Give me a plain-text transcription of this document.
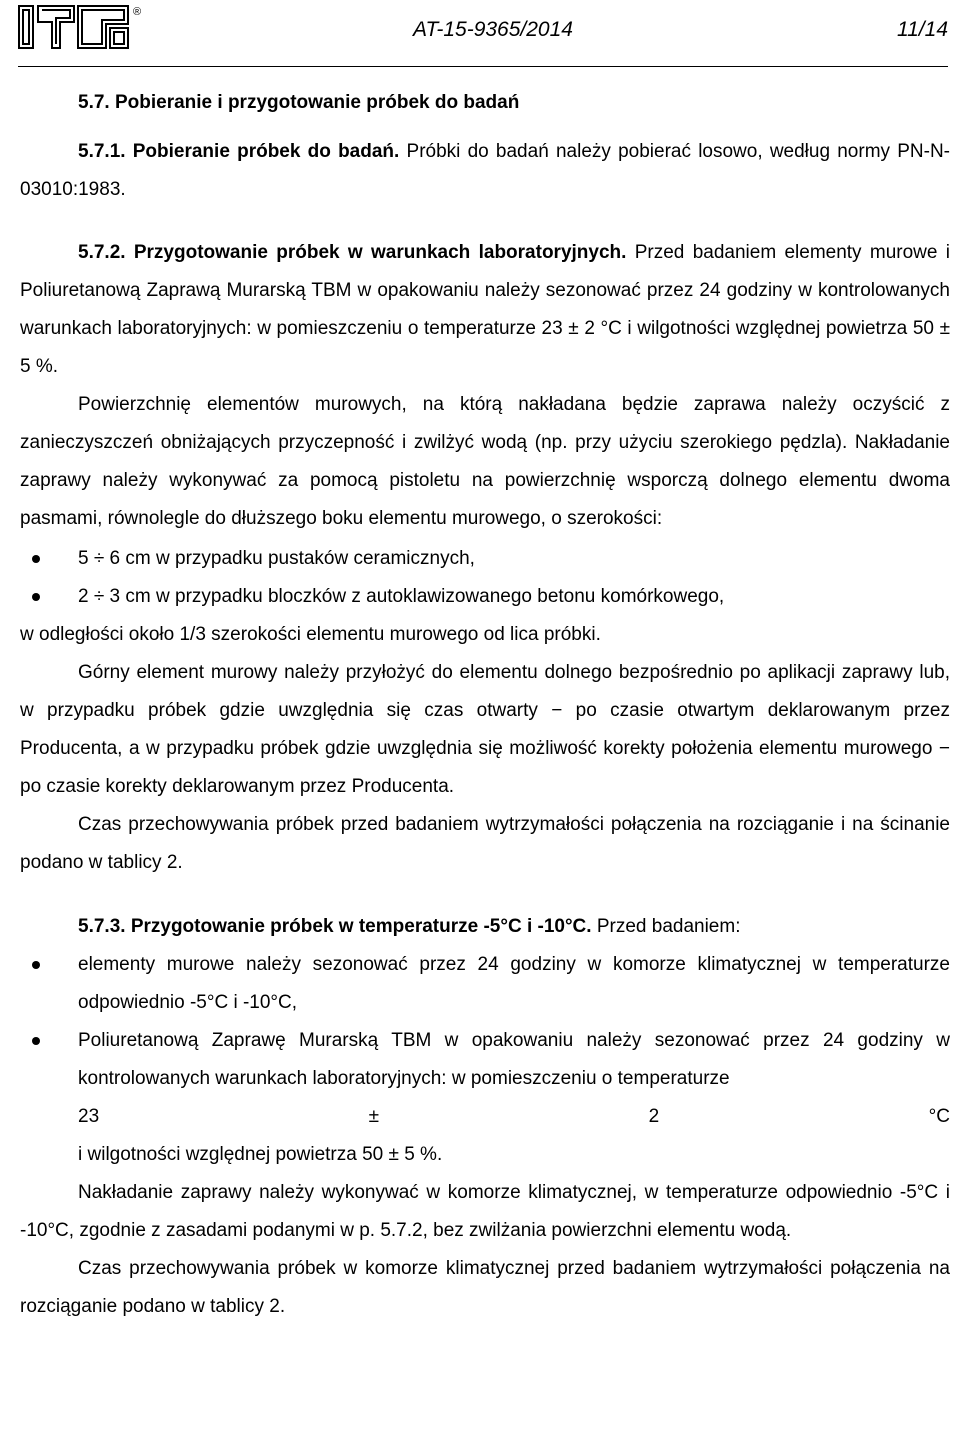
®
AT-15-9365/2014	11/14

5.7. Pobieranie i przygotowanie próbek do badań

5.7.1. Pobieranie próbek do badań. Próbki do badań należy pobierać losowo, według normy PN-N-03010:1983.

5.7.2. Przygotowanie próbek w warunkach laboratoryjnych. Przed badaniem elementy murowe i Poliuretanową Zaprawą Murarską TBM w opakowaniu należy sezonować przez 24 godziny w kontrolowanych warunkach laboratoryjnych: w pomieszczeniu o temperaturze 23 ± 2 °C i wilgotności względnej powietrza 50 ± 5 %.

Powierzchnię elementów murowych, na którą nakładana będzie zaprawa należy oczyścić z zanieczyszczeń obniżających przyczepność i zwilżyć wodą (np. przy użyciu szerokiego pędzla). Nakładanie zaprawy należy wykonywać za pomocą pistoletu na powierzchnię wsporczą dolnego elementu dwoma pasmami, równolegle do dłuższego boku elementu murowego, o szerokości:

5 ÷ 6 cm w przypadku pustaków ceramicznych,
2 ÷ 3 cm w przypadku bloczków z autoklawizowanego betonu komórkowego,

w odległości około 1/3 szerokości elementu murowego od lica próbki.

Górny element murowy należy przyłożyć do elementu dolnego bezpośrednio po aplikacji zaprawy lub, w przypadku próbek gdzie uwzględnia się czas otwarty − po czasie otwartym deklarowanym przez Producenta, a w przypadku próbek gdzie uwzględnia się możliwość korekty położenia elementu murowego − po czasie korekty deklarowanym przez Producenta.

Czas przechowywania próbek przed badaniem wytrzymałości połączenia na rozciąganie i na ścinanie podano w tablicy 2.

5.7.3. Przygotowanie próbek w temperaturze -5°C i -10°C. Przed badaniem:

elementy murowe należy sezonować przez 24 godziny w komorze klimatycznej w temperaturze odpowiednio -5°C i -10°C,
Poliuretanową Zaprawę Murarską TBM w opakowaniu należy sezonować przez 24 godziny w kontrolowanych warunkach laboratoryjnych: w pomieszczeniu o temperaturze
23	±	2	°C

i wilgotności względnej powietrza 50 ± 5 %.

Nakładanie zaprawy należy wykonywać w komorze klimatycznej, w temperaturze odpowiednio -5°C i -10°C, zgodnie z zasadami podanymi w p. 5.7.2, bez zwilżania powierzchni elementu wodą.

Czas przechowywania próbek w komorze klimatycznej przed badaniem wytrzymałości połączenia na rozciąganie podano w tablicy 2.
